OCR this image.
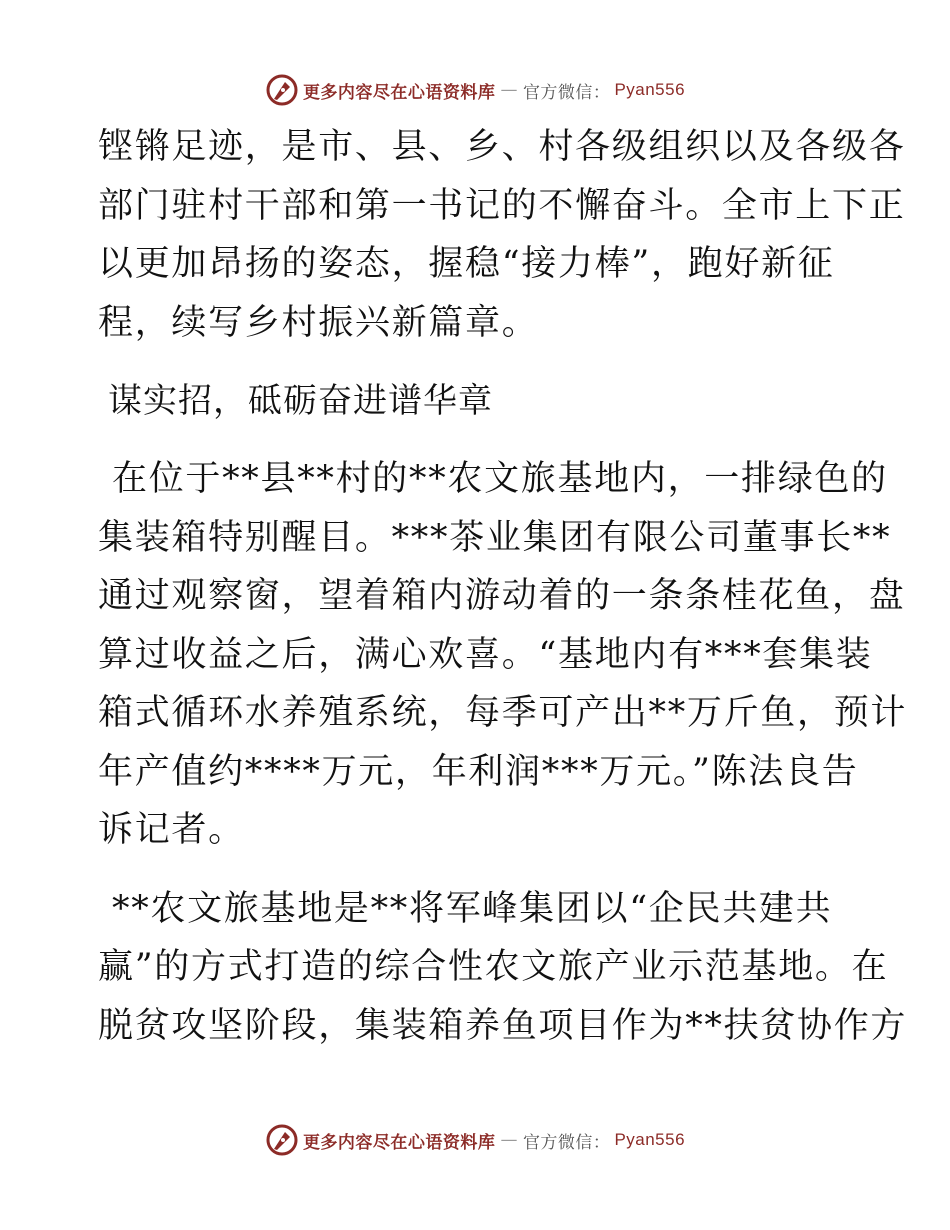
更多内容尽在心语资料库 — 官方微信： Pyan556
铿锵足迹，是市、县、乡、村各级组织以及各级各
部门驻村干部和第一书记的不懈奋斗。全市上下正
以更加昂扬的姿态，握稳“接力棒”，跑好新征
程，续写乡村振兴新篇章。
谋实招，砥砺奋进谱华章
在位于**县**村的**农文旅基地内，一排绿色的
集装箱特别醒目。***茶业集团有限公司董事长**
通过观察窗，望着箱内游动着的一条条桂花鱼，盘
算过收益之后，满心欢喜。“基地内有***套集装
箱式循环水养殖系统，每季可产出**万斤鱼，预计
年产值约****万元，年利润***万元。”陈法良告
诉记者。
**农文旅基地是**将军峰集团以“企民共建共
赢”的方式打造的综合性农文旅产业示范基地。在
脱贫攻坚阶段，集装箱养鱼项目作为**扶贫协作方
更多内容尽在心语资料库 — 官方微信： Pyan556
